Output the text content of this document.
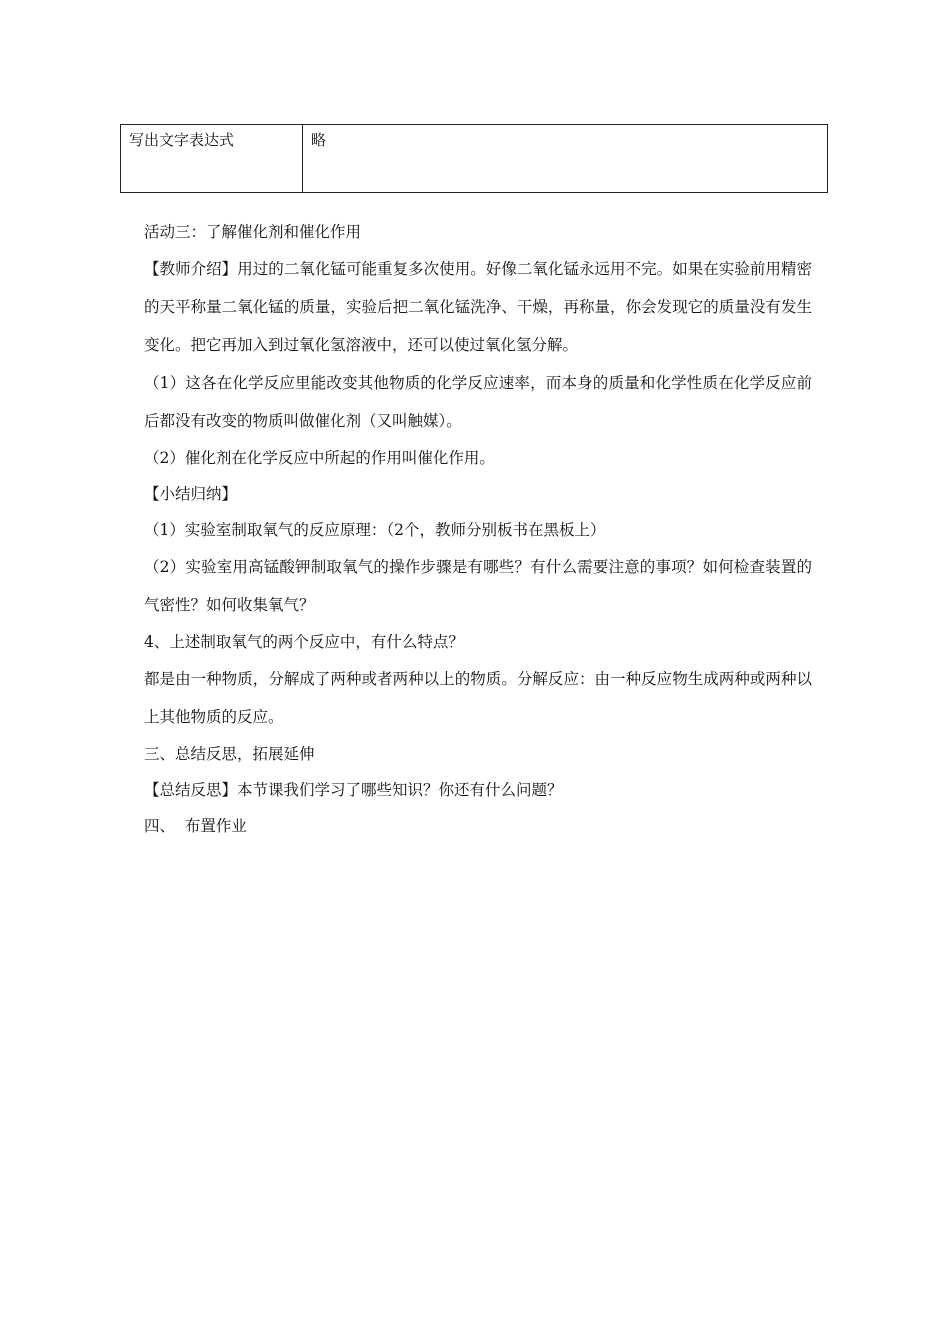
写出文字表达式	略

活动三：了解催化剂和催化作用

【教师介绍】用过的二氧化锰可能重复多次使用。好像二氧化锰永远用不完。如果在实验前用精密的天平称量二氧化锰的质量，实验后把二氧化锰洗净、干燥，再称量，你会发现它的质量没有发生变化。把它再加入到过氧化氢溶液中，还可以使过氧化氢分解。

（1）这各在化学反应里能改变其他物质的化学反应速率，而本身的质量和化学性质在化学反应前后都没有改变的物质叫做催化剂（又叫触媒）。

（2）催化剂在化学反应中所起的作用叫催化作用。

【小结归纳】

（1）实验室制取氧气的反应原理：（2个，教师分别板书在黑板上）

（2）实验室用高锰酸钾制取氧气的操作步骤是有哪些？有什么需要注意的事项？如何检查装置的气密性？如何收集氧气？

4、上述制取氧气的两个反应中，有什么特点？

都是由一种物质，分解成了两种或者两种以上的物质。分解反应：由一种反应物生成两种或两种以上其他物质的反应。

三、总结反思，拓展延伸

【总结反思】本节课我们学习了哪些知识？你还有什么问题？

四、  布置作业
